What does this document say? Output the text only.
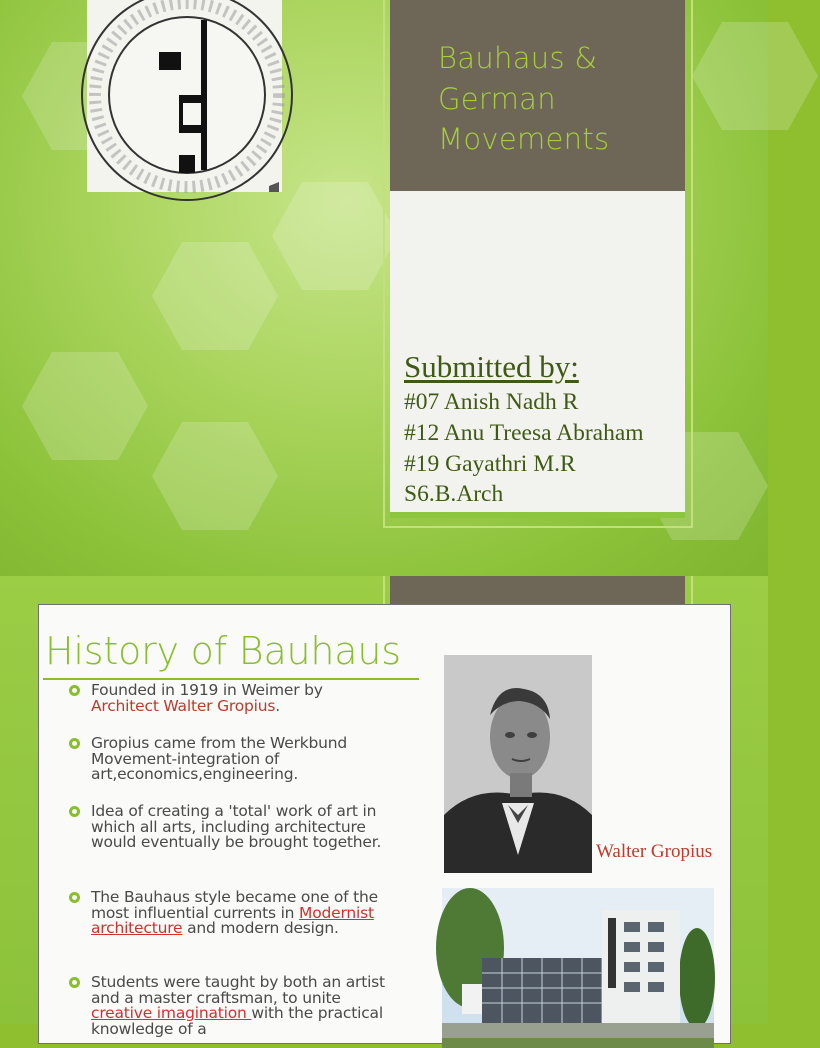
Bauhaus &
German
Movements
Submitted by:
#07 Anish Nadh R
#12 Anu Treesa Abraham
#19 Gayathri M.R
S6.B.Arch
History of Bauhaus
Founded in 1919 in Weimer by
Architect Walter Gropius.
Gropius came from the Werkbund Movement-integration of art,economics,engineering.
Idea of creating a 'total' work of art in which all arts, including architecture would eventually be brought together.
The Bauhaus style became one of the most influential currents in Modernist architecture and modern design.
Students were taught by both an artist and a master craftsman, to unite creative imagination with the practical knowledge of a
Walter Gropius
